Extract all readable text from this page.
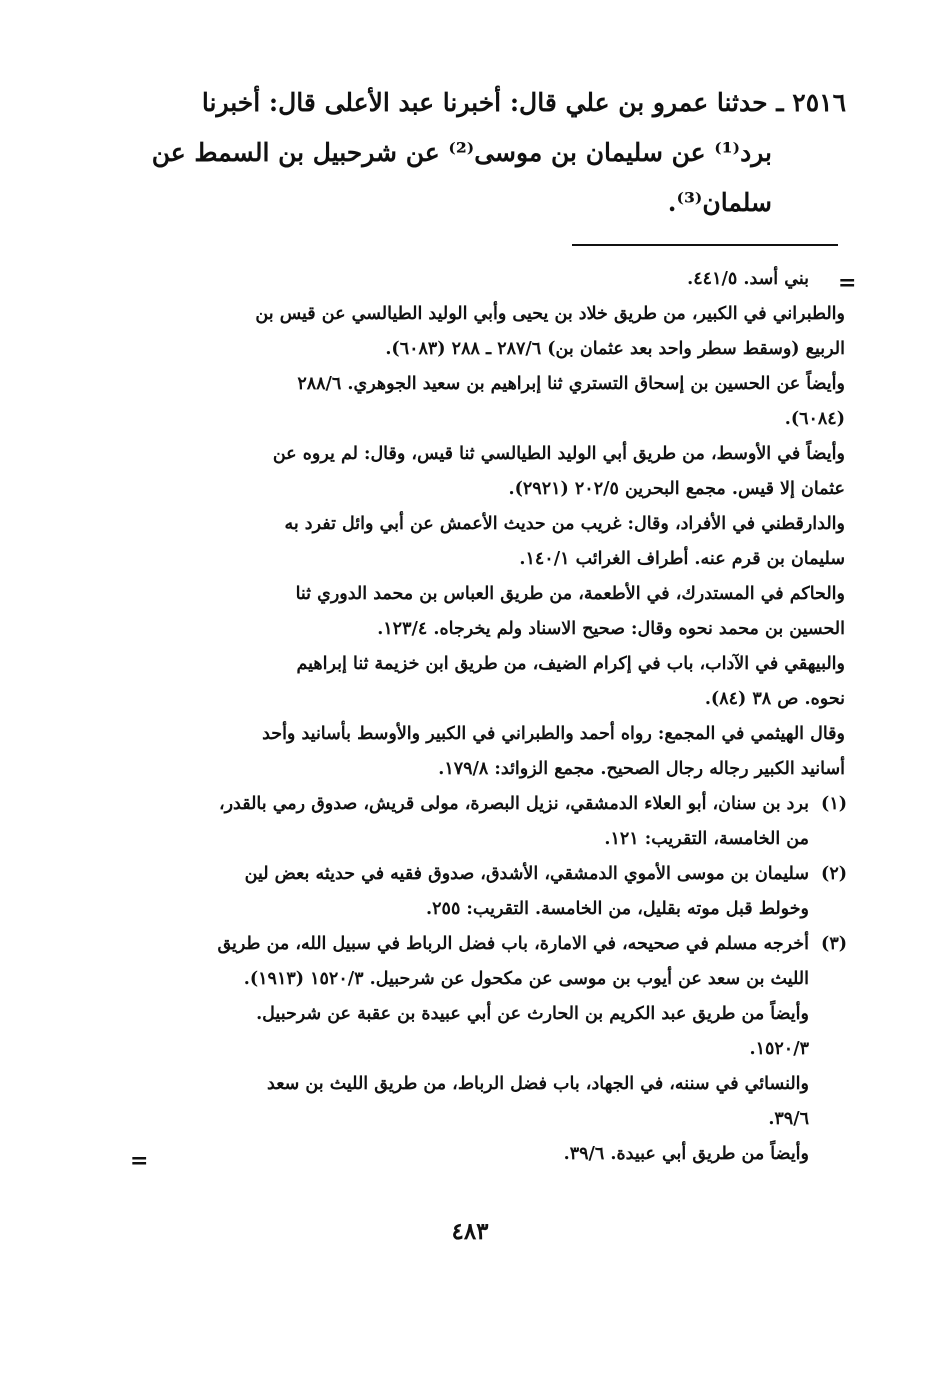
٢٥١٦ ـ حدثنا عمرو بن علي قال: أخبرنا عبد الأعلى قال: أخبرنا
برد⁽¹⁾ عن سليمان بن موسى⁽²⁾ عن شرحبيل بن السمط عن
سلمان⁽³⁾.
=
بني أسد. ٤٤١/٥.
والطبراني في الكبير، من طريق خلاد بن يحيى وأبي الوليد الطيالسي عن قيس بن
الربيع (وسقط سطر واحد بعد عثمان بن) ٢٨٧/٦ ـ ٢٨٨ (٦٠٨٣).
وأيضاً عن الحسين بن إسحاق التستري ثنا إبراهيم بن سعيد الجوهري. ٢٨٨/٦
(٦٠٨٤).
وأيضاً في الأوسط، من طريق أبي الوليد الطيالسي ثنا قيس، وقال: لم يروه عن
عثمان إلا قيس. مجمع البحرين ٢٠٢/٥ (٢٩٢١).
والدارقطني في الأفراد، وقال: غريب من حديث الأعمش عن أبي وائل تفرد به
سليمان بن قرم عنه. أطراف الغرائب ١٤٠/١.
والحاكم في المستدرك، في الأطعمة، من طريق العباس بن محمد الدوري ثنا
الحسين بن محمد نحوه وقال: صحيح الاسناد ولم يخرجاه. ١٢٣/٤.
والبيهقي في الآداب، باب في إكرام الضيف، من طريق ابن خزيمة ثنا إبراهيم
نحوه. ص ٣٨ (٨٤).
وقال الهيثمي في المجمع: رواه أحمد والطبراني في الكبير والأوسط بأسانيد وأحد
أسانيد الكبير رجاله رجال الصحيح. مجمع الزوائد: ١٧٩/٨.
(١)
برد بن سنان، أبو العلاء الدمشقي، نزيل البصرة، مولى قريش، صدوق رمي بالقدر،
من الخامسة، التقريب: ١٢١.
(٢)
سليمان بن موسى الأموي الدمشقي، الأشدق، صدوق فقيه في حديثه بعض لين
وخولط قبل موته بقليل، من الخامسة. التقريب: ٢٥٥.
(٣)
أخرجه مسلم في صحيحه، في الامارة، باب فضل الرباط في سبيل الله، من طريق
الليث بن سعد عن أيوب بن موسى عن مكحول عن شرحبيل. ١٥٢٠/٣ (١٩١٣).
وأيضاً من طريق عبد الكريم بن الحارث عن أبي عبيدة بن عقبة عن شرحبيل.
١٥٢٠/٣.
والنسائي في سننه، في الجهاد، باب فضل الرباط، من طريق الليث بن سعد
٣٩/٦.
وأيضاً من طريق أبي عبيدة. ٣٩/٦.
=
٤٨٣
